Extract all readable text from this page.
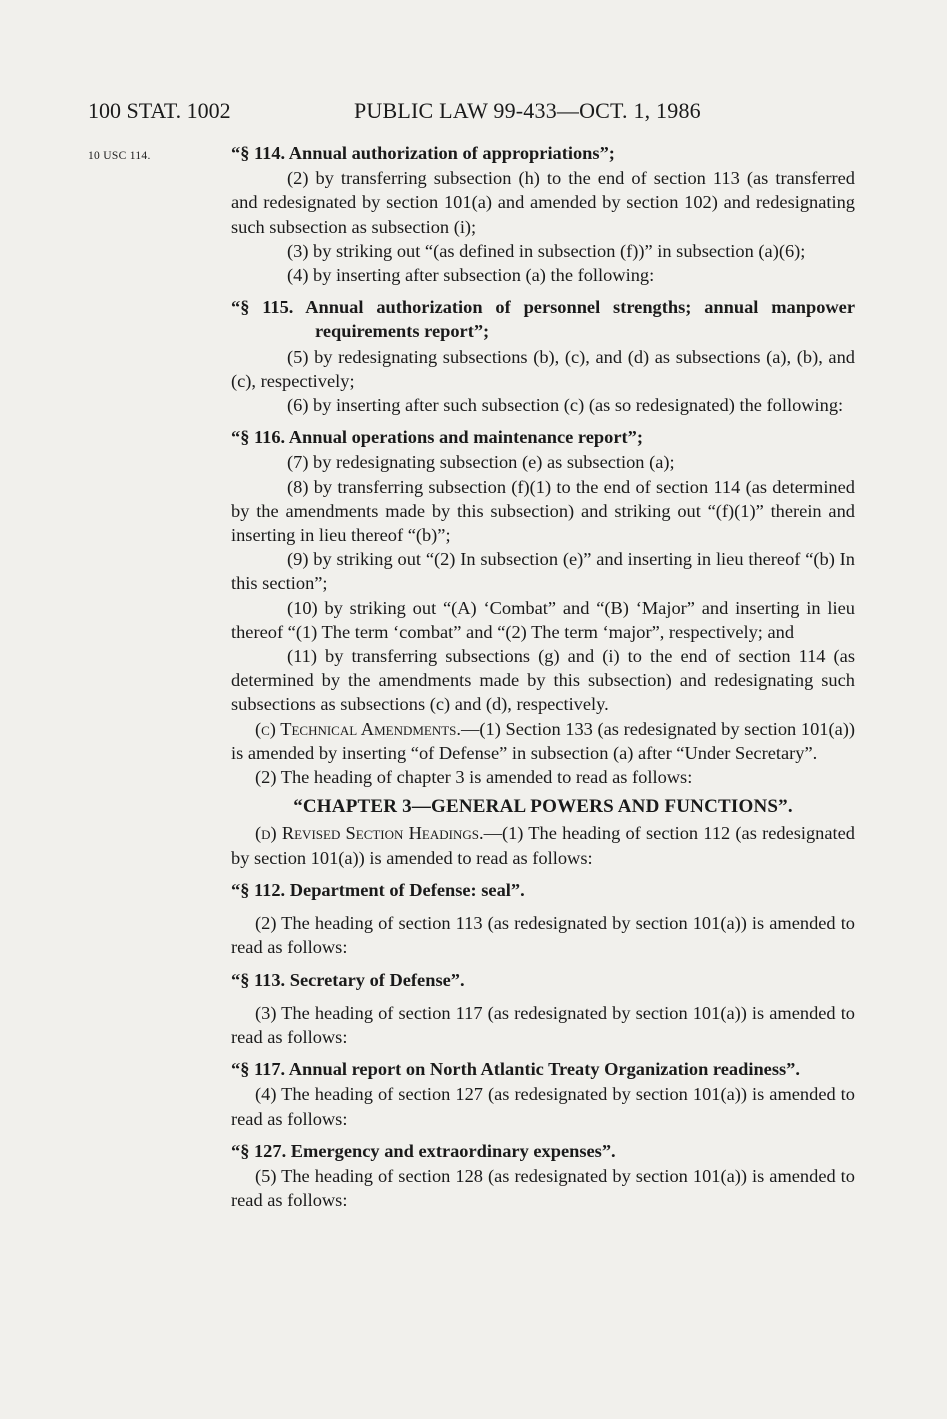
100 STAT. 1002	PUBLIC LAW 99-433—OCT. 1, 1986
10 USC 114.	“§ 114. Annual authorization of appropriations”;

(2) by transferring subsection (h) to the end of section 113 (as transferred and redesignated by section 101(a) and amended by section 102) and redesignating such subsection as subsection (i);

(3) by striking out “(as defined in subsection (f))” in subsection (a)(6);

(4) by inserting after subsection (a) the following:

“§ 115. Annual authorization of personnel strengths; annual manpower requirements report”;

(5) by redesignating subsections (b), (c), and (d) as subsections (a), (b), and (c), respectively;

(6) by inserting after such subsection (c) (as so redesignated) the following:

“§ 116. Annual operations and maintenance report”;

(7) by redesignating subsection (e) as subsection (a);

(8) by transferring subsection (f)(1) to the end of section 114 (as determined by the amendments made by this subsection) and striking out “(f)(1)” therein and inserting in lieu thereof “(b)”;

(9) by striking out “(2) In subsection (e)” and inserting in lieu thereof “(b) In this section”;

(10) by striking out “(A) ‘Combat” and “(B) ‘Major” and inserting in lieu thereof “(1) The term ‘combat” and “(2) The term ‘major”, respectively; and

(11) by transferring subsections (g) and (i) to the end of section 114 (as determined by the amendments made by this subsection) and redesignating such subsections as subsections (c) and (d), respectively.

(c) Technical Amendments.—(1) Section 133 (as redesignated by section 101(a)) is amended by inserting “of Defense” in subsection (a) after “Under Secretary”.

(2) The heading of chapter 3 is amended to read as follows:

“CHAPTER 3—GENERAL POWERS AND FUNCTIONS”.

(d) Revised Section Headings.—(1) The heading of section 112 (as redesignated by section 101(a)) is amended to read as follows:

“§ 112. Department of Defense: seal”.

(2) The heading of section 113 (as redesignated by section 101(a)) is amended to read as follows:

“§ 113. Secretary of Defense”.

(3) The heading of section 117 (as redesignated by section 101(a)) is amended to read as follows:

“§ 117. Annual report on North Atlantic Treaty Organization readiness”.

(4) The heading of section 127 (as redesignated by section 101(a)) is amended to read as follows:

“§ 127. Emergency and extraordinary expenses”.

(5) The heading of section 128 (as redesignated by section 101(a)) is amended to read as follows:
